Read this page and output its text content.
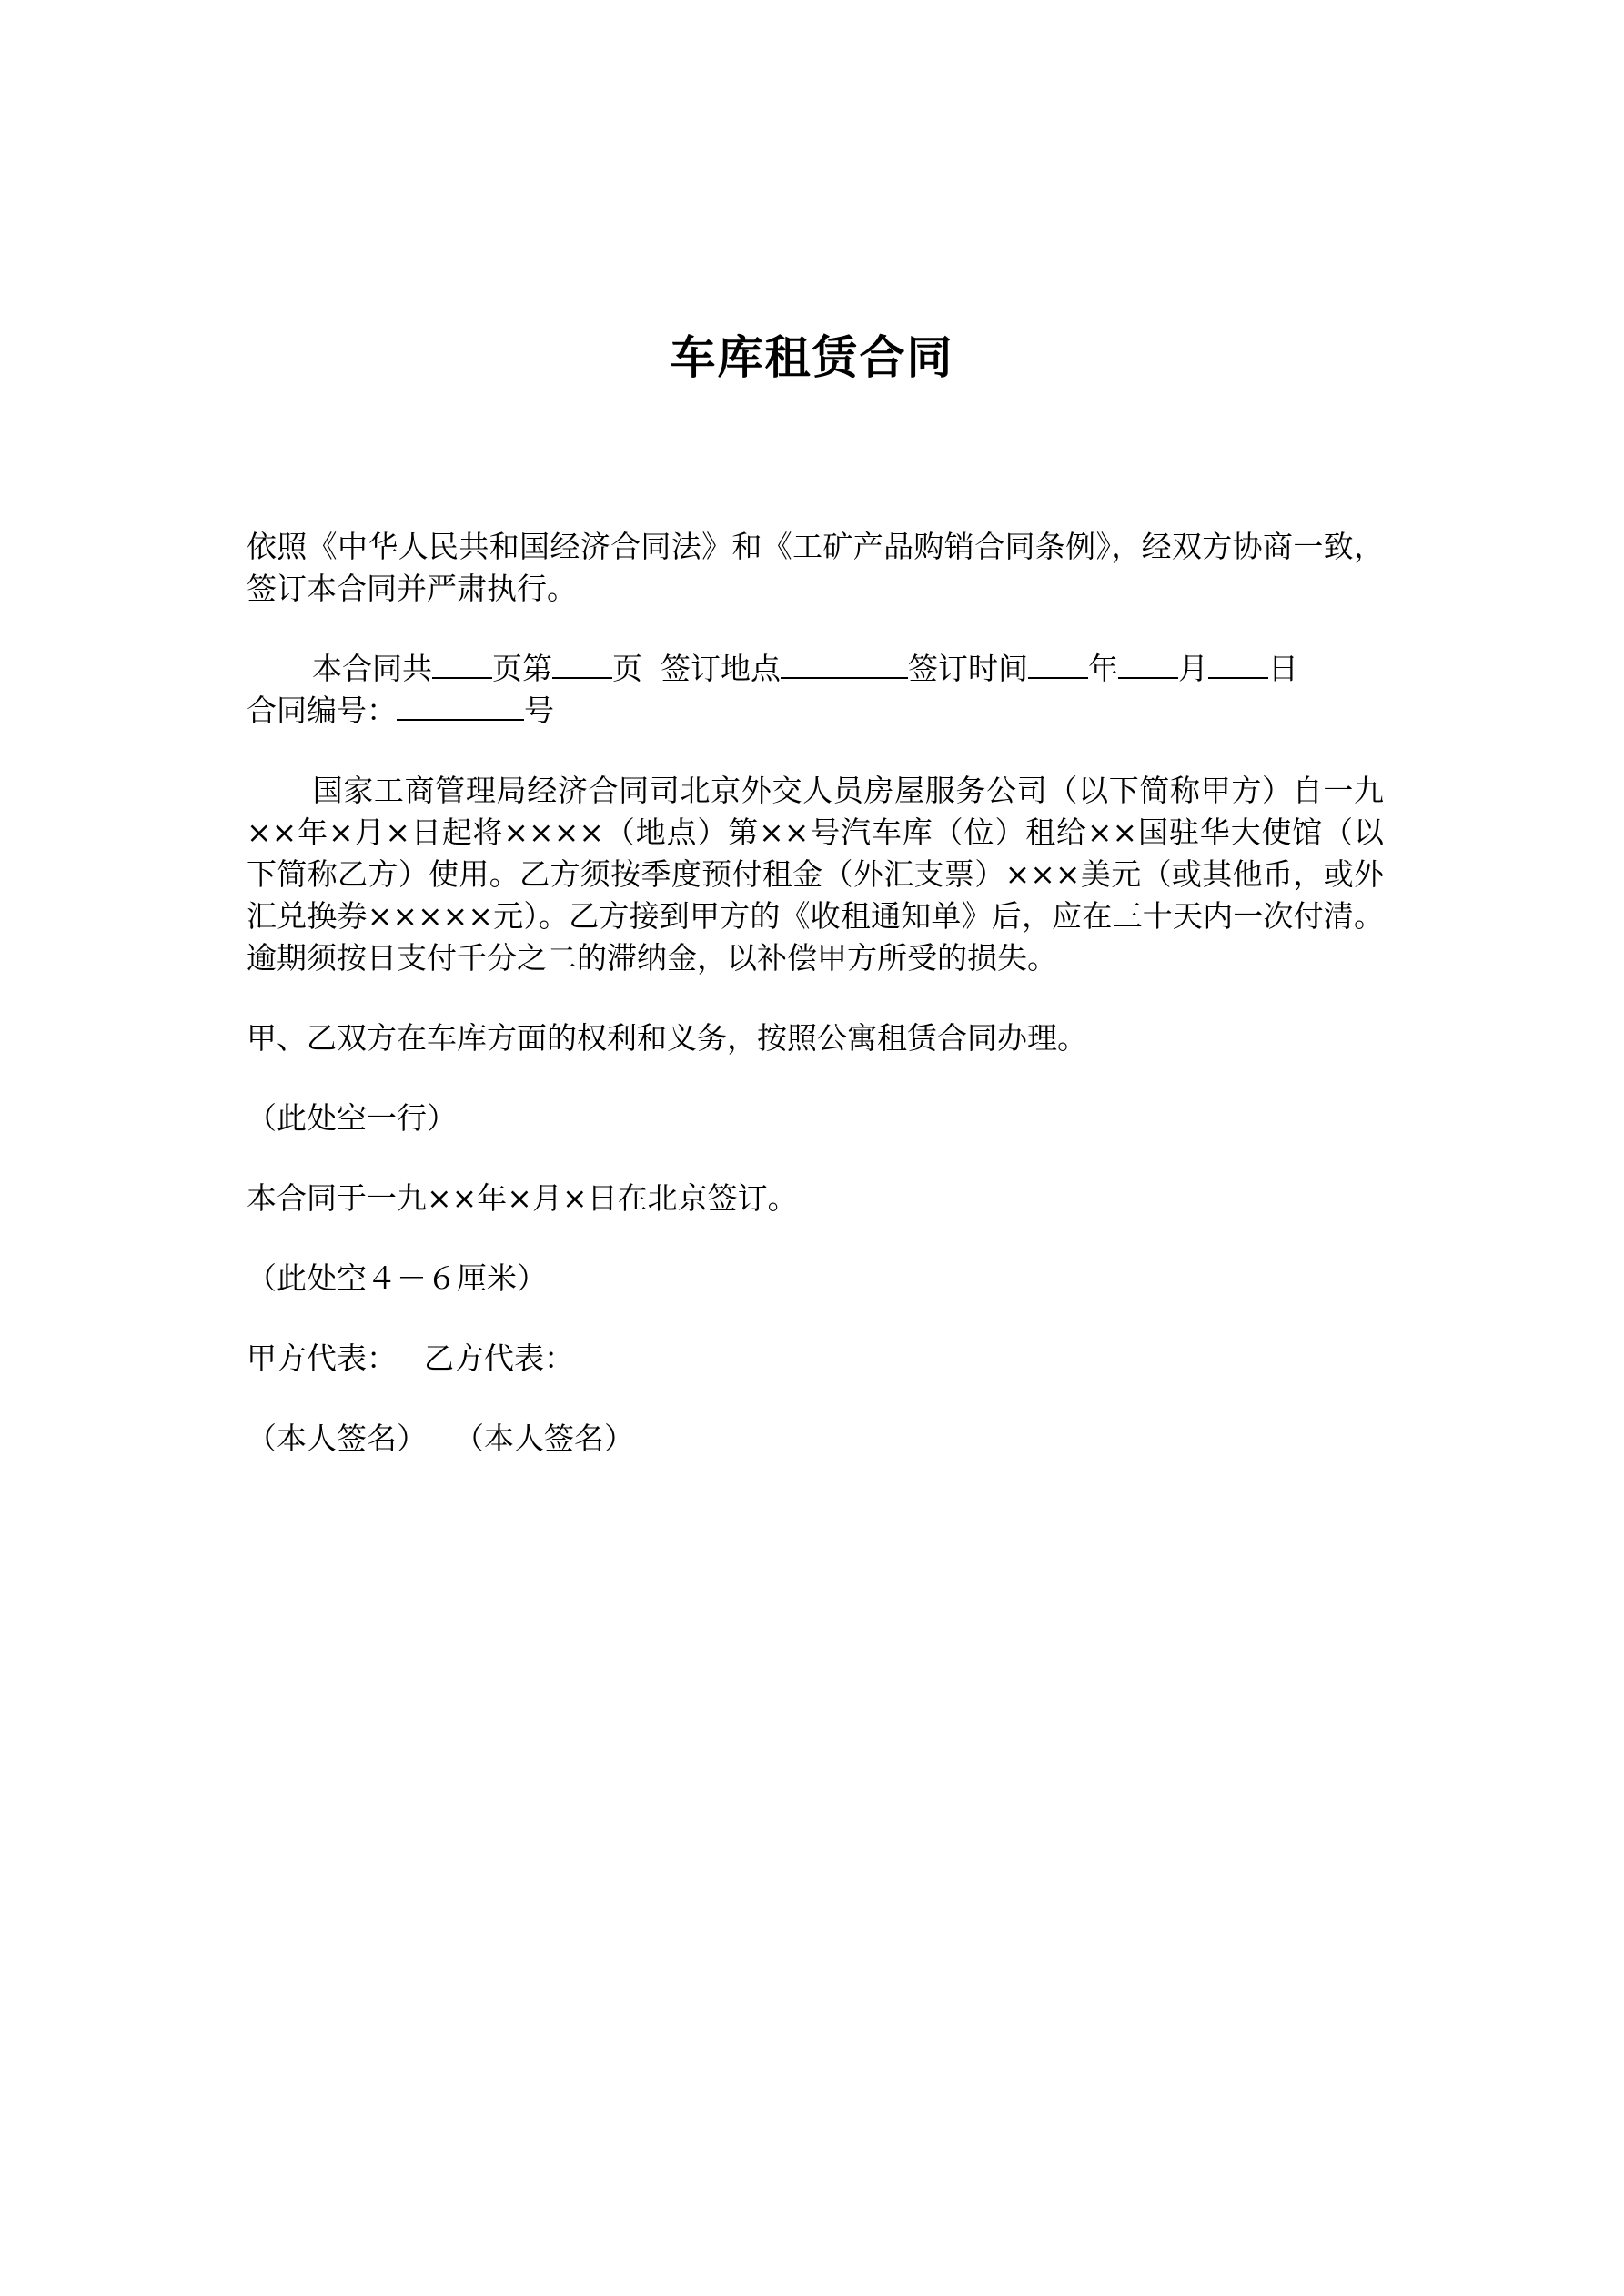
车库租赁合同

依照《中华人民共和国经济合同法》和《工矿产品购销合同条例》，经双方协商一致，签订本合同并严肃执行。

本合同共 页第 页 签订地点	签订时间 年 月 日
合同编号：	号

国家工商管理局经济合同司北京外交人员房屋服务公司（以下简称甲方）自一九××年×月×日起将××××（地点）第××号汽车库（位）租给××国驻华大使馆（以下简称乙方）使用。乙方须按季度预付租金（外汇支票）×××美元（或其他币，或外汇兑换券×××××元）。乙方接到甲方的《收租通知单》后，应在三十天内一次付清。逾期须按日支付千分之二的滞纳金，以补偿甲方所受的损失。

甲、乙双方在车库方面的权利和义务，按照公寓租赁合同办理。

（此处空一行）

本合同于一九××年×月×日在北京签订。

（此处空４－６厘米）

甲方代表： 乙方代表：

（本人签名） （本人签名）
